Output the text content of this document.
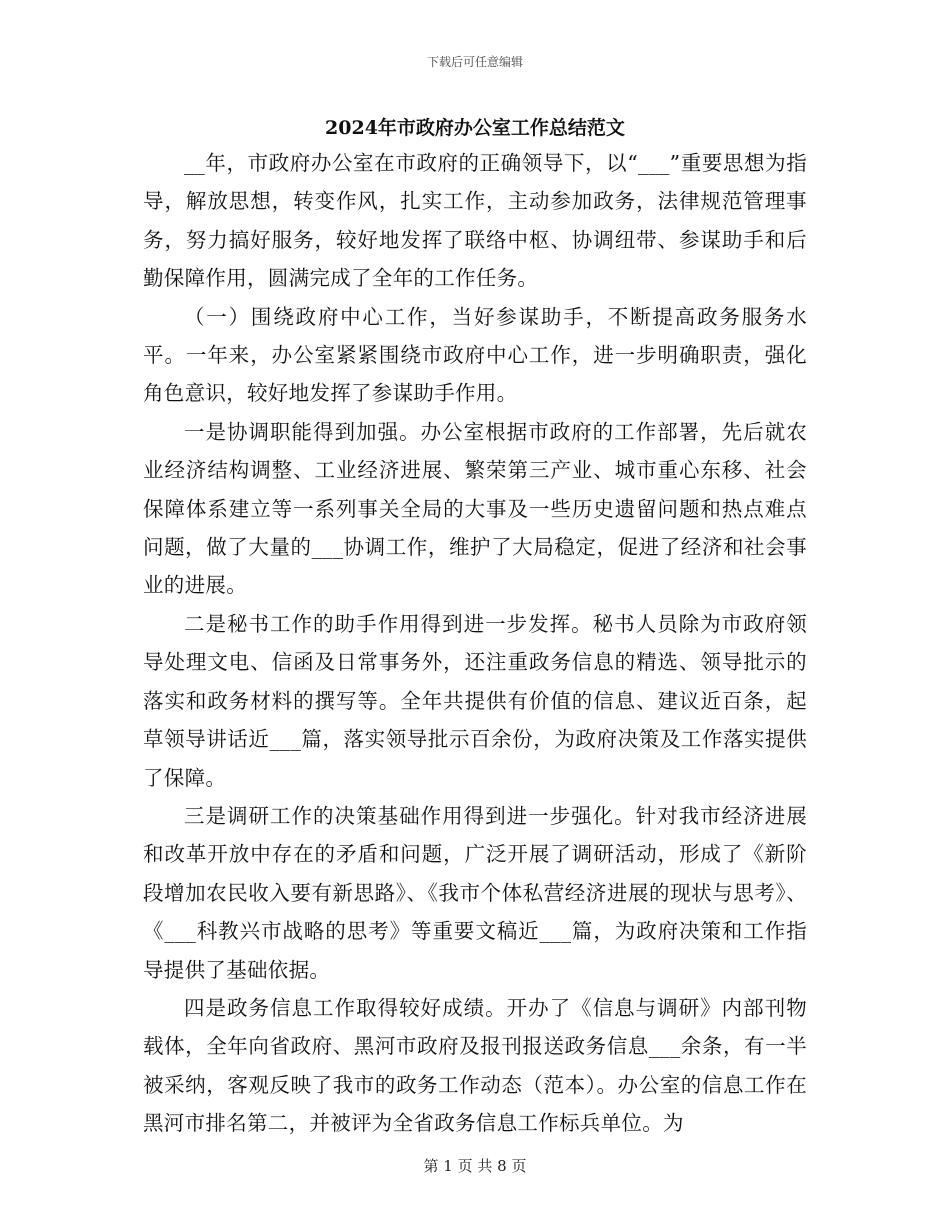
下载后可任意编辑
2024年市政府办公室工作总结范文

__年，市政府办公室在市政府的正确领导下，以“___”重要思想为指导，解放思想，转变作风，扎实工作，主动参加政务，法律规范管理事务，努力搞好服务，较好地发挥了联络中枢、协调纽带、参谋助手和后勤保障作用，圆满完成了全年的工作任务。

（一）围绕政府中心工作，当好参谋助手，不断提高政务服务水平。一年来，办公室紧紧围绕市政府中心工作，进一步明确职责，强化角色意识，较好地发挥了参谋助手作用。

一是协调职能得到加强。办公室根据市政府的工作部署，先后就农业经济结构调整、工业经济进展、繁荣第三产业、城市重心东移、社会保障体系建立等一系列事关全局的大事及一些历史遗留问题和热点难点问题，做了大量的___协调工作，维护了大局稳定，促进了经济和社会事业的进展。

二是秘书工作的助手作用得到进一步发挥。秘书人员除为市政府领导处理文电、信函及日常事务外，还注重政务信息的精选、领导批示的落实和政务材料的撰写等。全年共提供有价值的信息、建议近百条，起草领导讲话近___篇，落实领导批示百余份，为政府决策及工作落实提供了保障。

三是调研工作的决策基础作用得到进一步强化。针对我市经济进展和改革开放中存在的矛盾和问题，广泛开展了调研活动，形成了《新阶段增加农民收入要有新思路》、《我市个体私营经济进展的现状与思考》、《___科教兴市战略的思考》等重要文稿近___篇，为政府决策和工作指导提供了基础依据。

四是政务信息工作取得较好成绩。开办了《信息与调研》内部刊物载体，全年向省政府、黑河市政府及报刊报送政务信息___余条，有一半被采纳，客观反映了我市的政务工作动态（范本）。办公室的信息工作在黑河市排名第二，并被评为全省政务信息工作标兵单位。为

第 1 页 共 8 页
